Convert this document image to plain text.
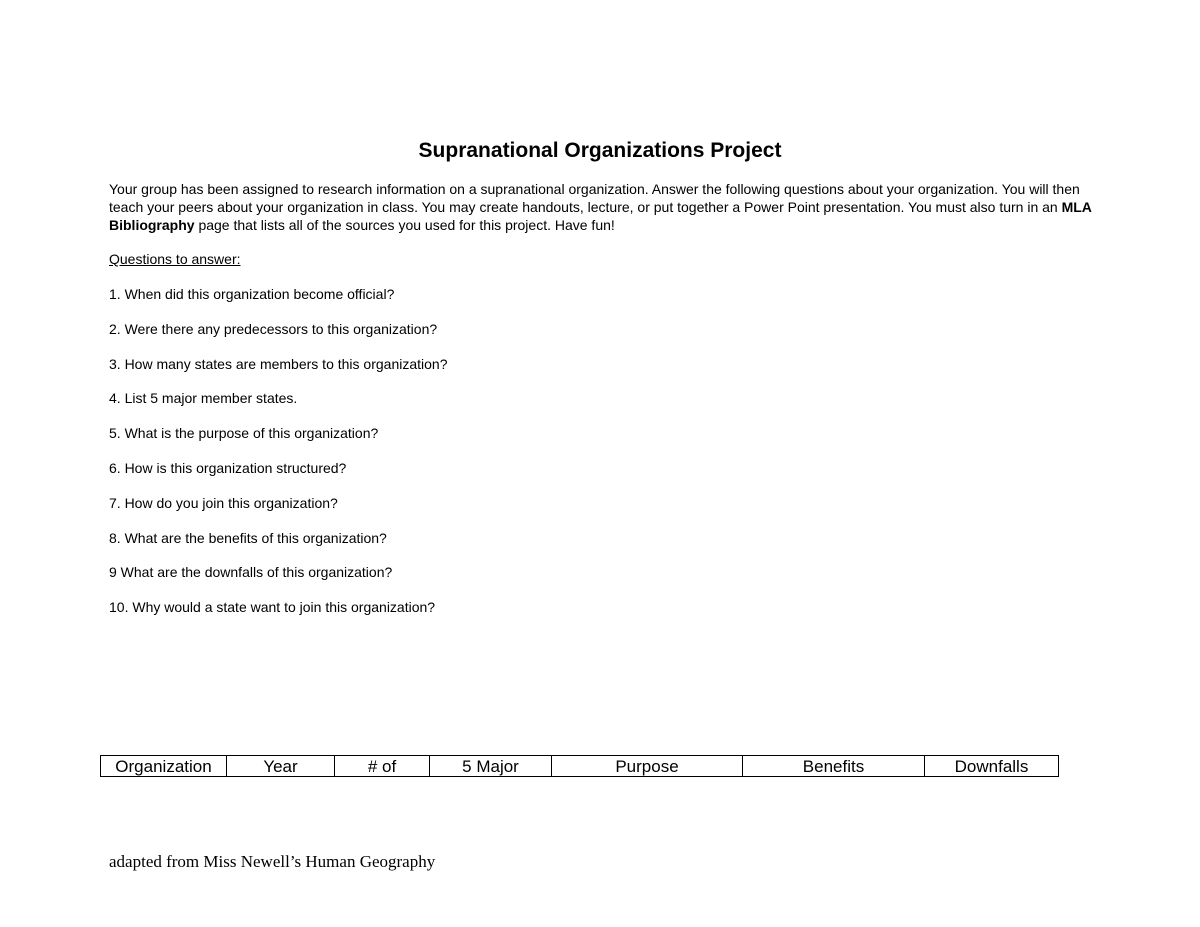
Supranational Organizations Project

Your group has been assigned to research information on a supranational organization. Answer the following questions about your organization. You will then teach your peers about your organization in class. You may create handouts, lecture, or put together a Power Point presentation. You must also turn in an MLA Bibliography page that lists all of the sources you used for this project. Have fun!

Questions to answer:

1. When did this organization become official?
2. Were there any predecessors to this organization?
3. How many states are members to this organization?
4. List 5 major member states.
5. What is the purpose of this organization?
6. How is this organization structured?
7. How do you join this organization?
8. What are the benefits of this organization?
9 What are the downfalls of this organization?
10. Why would a state want to join this organization?
Organization	Year	# of	5 Major	Purpose	Benefits	Downfalls

adapted from Miss Newell’s Human Geography
